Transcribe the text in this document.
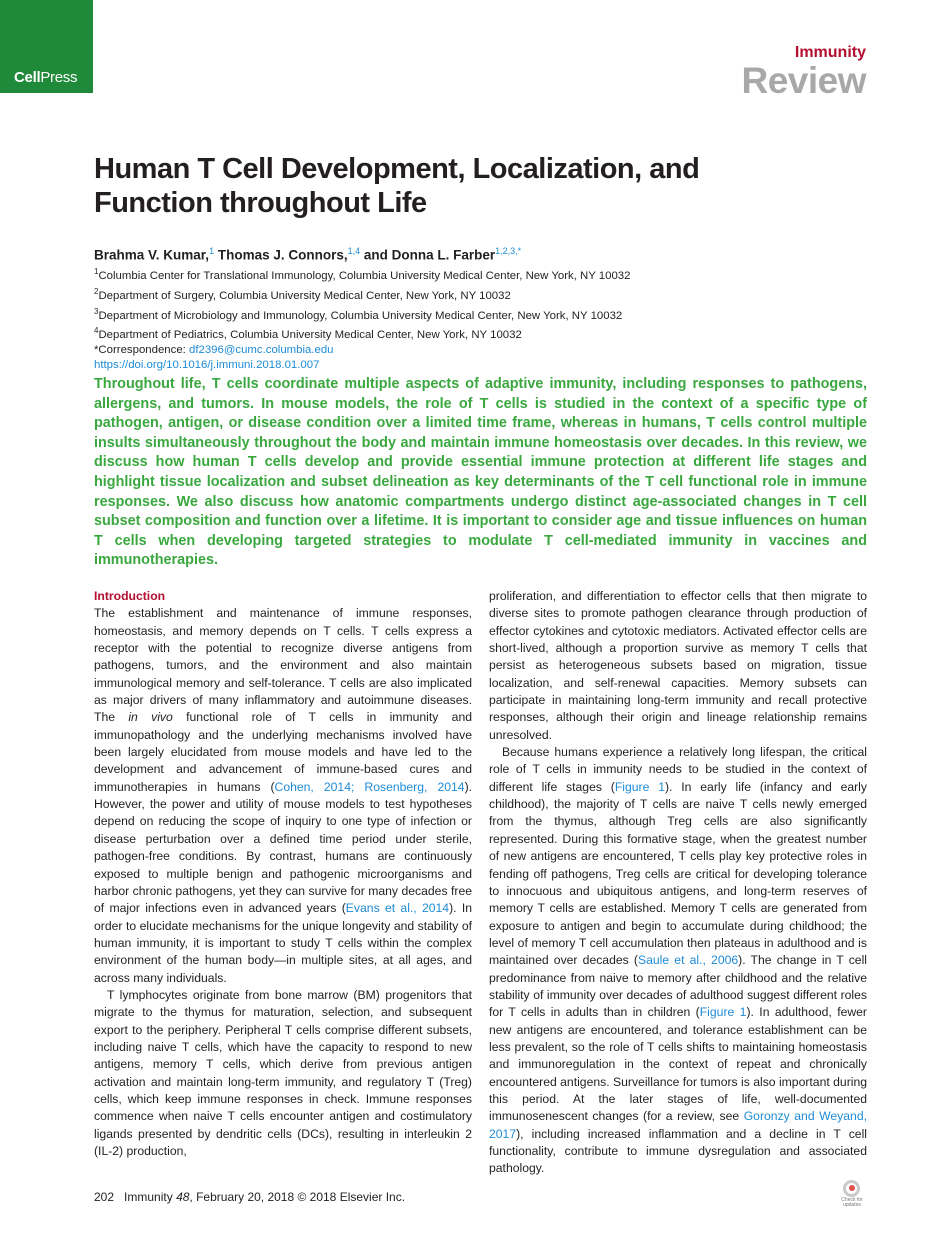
CellPress
Immunity
Review
Human T Cell Development, Localization, and Function throughout Life
Brahma V. Kumar,$^1$ Thomas J. Connors,$^{1,4}$ and Donna L. Farber$^{1,2,3,*}$
$^1$Columbia Center for Translational Immunology, Columbia University Medical Center, New York, NY 10032
$^2$Department of Surgery, Columbia University Medical Center, New York, NY 10032
$^3$Department of Microbiology and Immunology, Columbia University Medical Center, New York, NY 10032
$^4$Department of Pediatrics, Columbia University Medical Center, New York, NY 10032
*Correspondence: df2396@cumc.columbia.edu
https://doi.org/10.1016/j.immuni.2018.01.007
Throughout life, T cells coordinate multiple aspects of adaptive immunity, including responses to pathogens, allergens, and tumors. In mouse models, the role of T cells is studied in the context of a specific type of pathogen, antigen, or disease condition over a limited time frame, whereas in humans, T cells control multiple insults simultaneously throughout the body and maintain immune homeostasis over decades. In this review, we discuss how human T cells develop and provide essential immune protection at different life stages and highlight tissue localization and subset delineation as key determinants of the T cell functional role in immune responses. We also discuss how anatomic compartments undergo distinct age-associated changes in T cell subset composition and function over a lifetime. It is important to consider age and tissue influences on human T cells when developing targeted strategies to modulate T cell-mediated immunity in vaccines and immunotherapies.

Introduction

The establishment and maintenance of immune responses, homeostasis, and memory depends on T cells. T cells express a receptor with the potential to recognize diverse antigens from pathogens, tumors, and the environment and also maintain immunological memory and self-tolerance. T cells are also implicated as major drivers of many inflammatory and autoimmune diseases. The in vivo functional role of T cells in immunity and immunopathology and the underlying mechanisms involved have been largely elucidated from mouse models and have led to the development and advancement of immune-based cures and immunotherapies in humans (Cohen, 2014; Rosenberg, 2014). However, the power and utility of mouse models to test hypotheses depend on reducing the scope of inquiry to one type of infection or disease perturbation over a defined time period under sterile, pathogen-free conditions. By contrast, humans are continuously exposed to multiple benign and pathogenic microorganisms and harbor chronic pathogens, yet they can survive for many decades free of major infections even in advanced years (Evans et al., 2014). In order to elucidate mechanisms for the unique longevity and stability of human immunity, it is important to study T cells within the complex environment of the human body—in multiple sites, at all ages, and across many individuals.

T lymphocytes originate from bone marrow (BM) progenitors that migrate to the thymus for maturation, selection, and subsequent export to the periphery. Peripheral T cells comprise different subsets, including naive T cells, which have the capacity to respond to new antigens, memory T cells, which derive from previous antigen activation and maintain long-term immunity, and regulatory T (Treg) cells, which keep immune responses in check. Immune responses commence when naive T cells encounter antigen and costimulatory ligands presented by dendritic cells (DCs), resulting in interleukin 2 (IL-2) production,

proliferation, and differentiation to effector cells that then migrate to diverse sites to promote pathogen clearance through production of effector cytokines and cytotoxic mediators. Activated effector cells are short-lived, although a proportion survive as memory T cells that persist as heterogeneous subsets based on migration, tissue localization, and self-renewal capacities. Memory subsets can participate in maintaining long-term immunity and recall protective responses, although their origin and lineage relationship remains unresolved.

Because humans experience a relatively long lifespan, the critical role of T cells in immunity needs to be studied in the context of different life stages (Figure 1). In early life (infancy and early childhood), the majority of T cells are naive T cells newly emerged from the thymus, although Treg cells are also significantly represented. During this formative stage, when the greatest number of new antigens are encountered, T cells play key protective roles in fending off pathogens, Treg cells are critical for developing tolerance to innocuous and ubiquitous antigens, and long-term reserves of memory T cells are established. Memory T cells are generated from exposure to antigen and begin to accumulate during childhood; the level of memory T cell accumulation then plateaus in adulthood and is maintained over decades (Saule et al., 2006). The change in T cell predominance from naive to memory after childhood and the relative stability of immunity over decades of adulthood suggest different roles for T cells in adults than in children (Figure 1). In adulthood, fewer new antigens are encountered, and tolerance establishment can be less prevalent, so the role of T cells shifts to maintaining homeostasis and immunoregulation in the context of repeat and chronically encountered antigens. Surveillance for tumors is also important during this period. At the later stages of life, well-documented immunosenescent changes (for a review, see Goronzy and Weyand, 2017), including increased inflammation and a decline in T cell functionality, contribute to immune dysregulation and associated pathology.

202 Immunity 48, February 20, 2018 © 2018 Elsevier Inc.	Check for
updates
